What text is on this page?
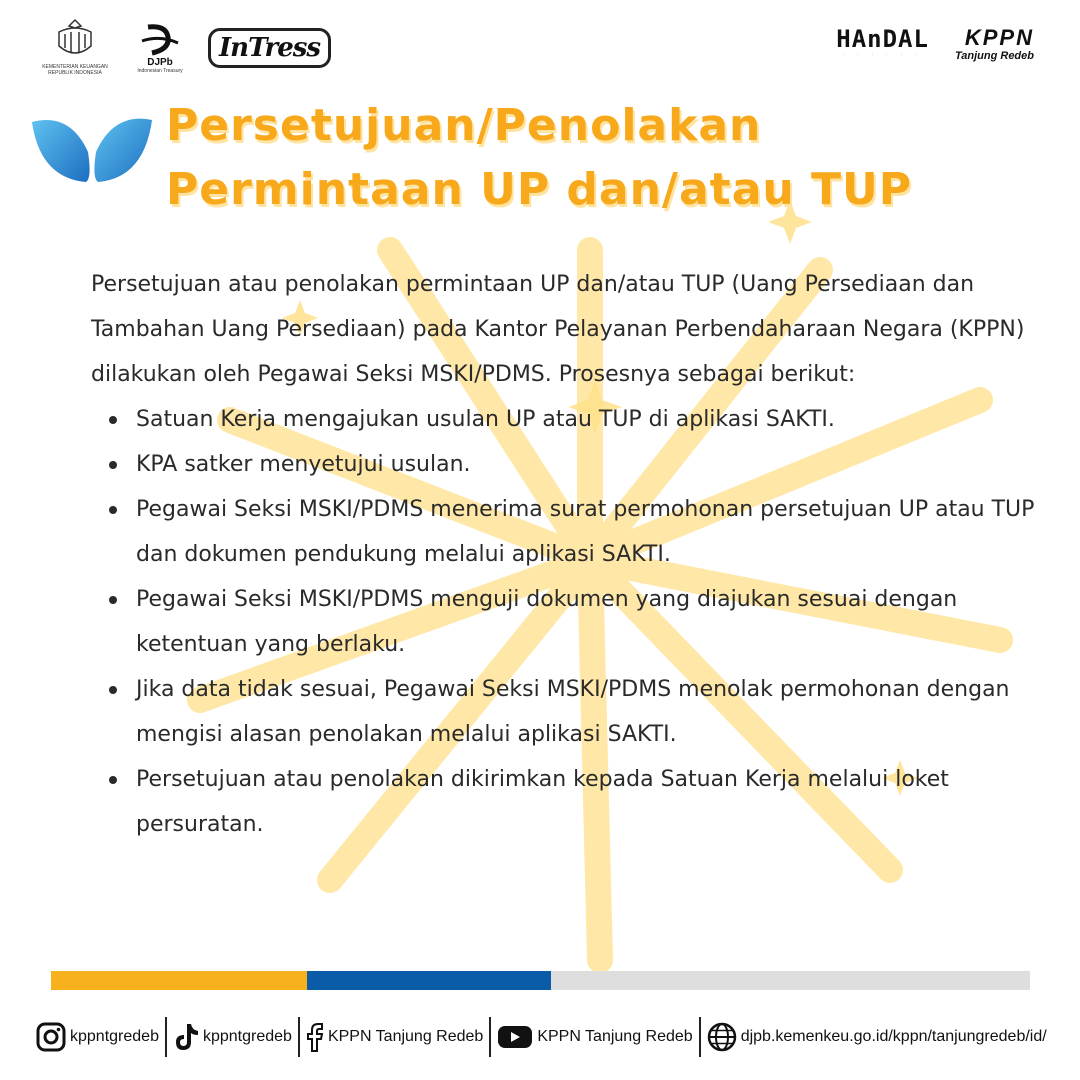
KEMENTERIAN KEUANGAN
REPUBLIK INDONESIA
DJPb
Indonesian Treasury
InTress	HAnDAL
· · · · · ·
KPPN
Tanjung Redeb
Persetujuan/Penolakan
Permintaan UP dan/atau TUP

Persetujuan atau penolakan permintaan UP dan/atau TUP (Uang Persediaan dan Tambahan Uang Persediaan) pada Kantor Pelayanan Perbendaharaan Negara (KPPN) dilakukan oleh Pegawai Seksi MSKI/PDMS. Prosesnya sebagai berikut:

Satuan Kerja mengajukan usulan UP atau TUP di aplikasi SAKTI.
KPA satker menyetujui usulan.
Pegawai Seksi MSKI/PDMS menerima surat permohonan persetujuan UP atau TUP dan dokumen pendukung melalui aplikasi SAKTI.
Pegawai Seksi MSKI/PDMS menguji dokumen yang diajukan sesuai dengan ketentuan yang berlaku.
Jika data tidak sesuai, Pegawai Seksi MSKI/PDMS menolak permohonan dengan mengisi alasan penolakan melalui aplikasi SAKTI.
Persetujuan atau penolakan dikirimkan kepada Satuan Kerja melalui loket persuratan.
kppntgredeb	kppntgredeb KPPN Tanjung Redeb	KPPN Tanjung Redeb	djpb.kemenkeu.go.id/kppn/tanjungredeb/id/
